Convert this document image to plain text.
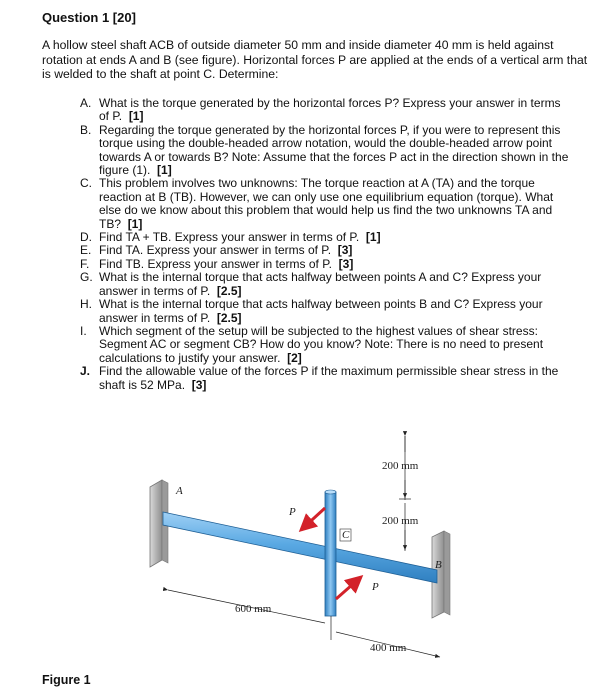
Question 1 [20]
A hollow steel shaft ACB of outside diameter 50 mm and inside diameter 40 mm is held against rotation at ends A and B (see figure). Horizontal forces P are applied at the ends of a vertical arm that is welded to the shaft at point C. Determine:
A. What is the torque generated by the horizontal forces P? Express your answer in terms of P. [1]
B. Regarding the torque generated by the horizontal forces P, if you were to represent this torque using the double-headed arrow notation, would the double-headed arrow point towards A or towards B? Note: Assume that the forces P act in the direction shown in the figure (1). [1]
C. This problem involves two unknowns: The torque reaction at A (TA) and the torque reaction at B (TB). However, we can only use one equilibrium equation (torque). What else do we know about this problem that would help us find the two unknowns TA and TB? [1]
D. Find TA + TB. Express your answer in terms of P. [1]
E. Find TA. Express your answer in terms of P. [3]
F. Find TB. Express your answer in terms of P. [3]
G. What is the internal torque that acts halfway between points A and C? Express your answer in terms of P. [2.5]
H. What is the internal torque that acts halfway between points B and C? Express your answer in terms of P. [2.5]
I.	Which segment of the setup will be subjected to the highest values of shear stress: Segment AC or segment CB? How do you know? Note: There is no need to present calculations to justify your answer. [2]
J. Find the allowable value of the forces P if the maximum permissible shear stress in the shaft is 52 MPa. [3]
A
B
C
P
P
200 mm
200 mm
600 mm
400 mm
Figure 1
